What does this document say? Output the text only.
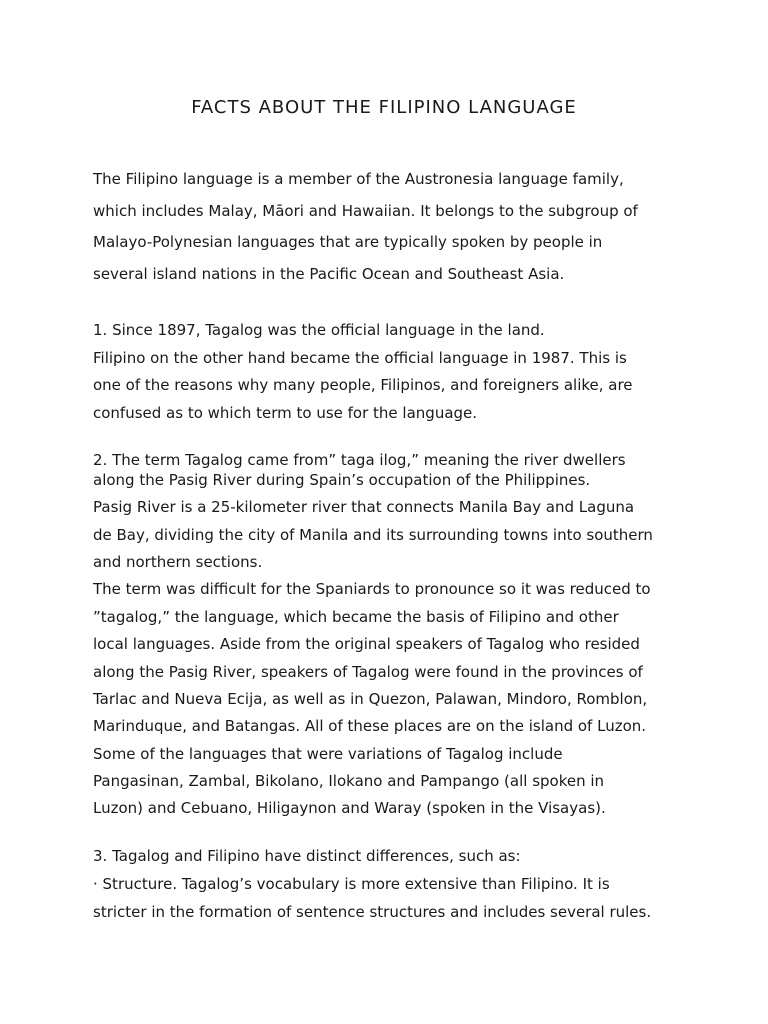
FACTS ABOUT THE FILIPINO LANGUAGE

The Filipino language is a member of the Austronesia language family,

which includes Malay, Māori and Hawaiian. It belongs to the subgroup of

Malayo-Polynesian languages that are typically spoken by people in

several island nations in the Pacific Ocean and Southeast Asia.

1. Since 1897, Tagalog was the official language in the land.

Filipino on the other hand became the official language in 1987. This is

one of the reasons why many people, Filipinos, and foreigners alike, are

confused as to which term to use for the language.

2. The term Tagalog came from” taga ilog,” meaning the river dwellers

along the Pasig River during Spain’s occupation of the Philippines.

Pasig River is a 25-kilometer river that connects Manila Bay and Laguna

de Bay, dividing the city of Manila and its surrounding towns into southern

and northern sections.

The term was difficult for the Spaniards to pronounce so it was reduced to

”tagalog,” the language, which became the basis of Filipino and other

local languages. Aside from the original speakers of Tagalog who resided

along the Pasig River, speakers of Tagalog were found in the provinces of

Tarlac and Nueva Ecija, as well as in Quezon, Palawan, Mindoro, Romblon,

Marinduque, and Batangas. All of these places are on the island of Luzon.

Some of the languages that were variations of Tagalog include

Pangasinan, Zambal, Bikolano, Ilokano and Pampango (all spoken in

Luzon) and Cebuano, Hiligaynon and Waray (spoken in the Visayas).

3. Tagalog and Filipino have distinct differences, such as:

· Structure. Tagalog’s vocabulary is more extensive than Filipino. It is

stricter in the formation of sentence structures and includes several rules.
